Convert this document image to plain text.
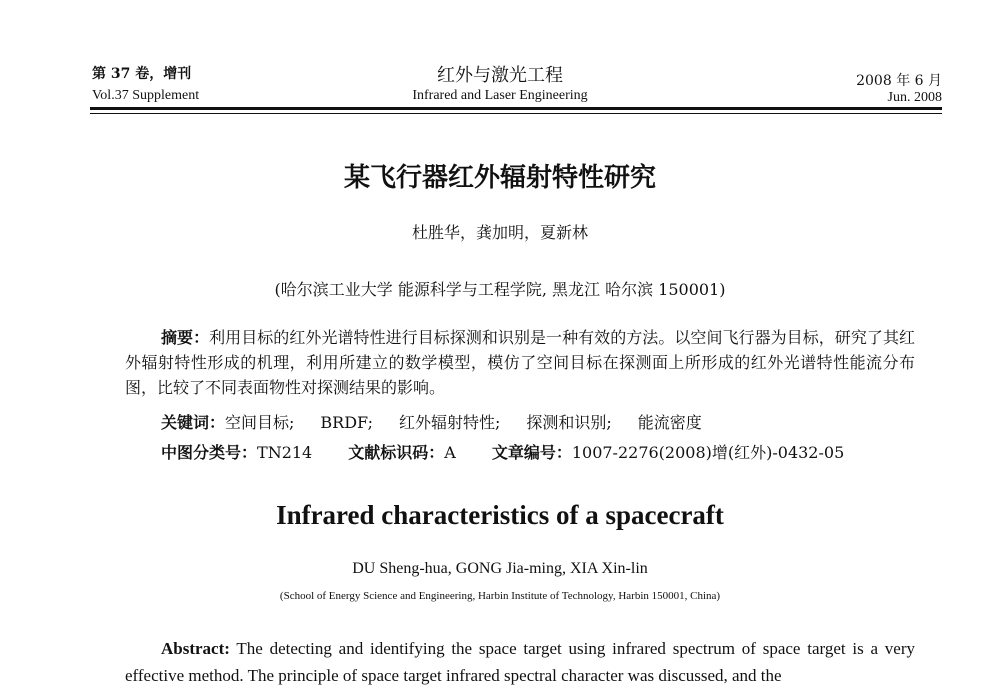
第 37 卷，增刊
Vol.37 Supplement
红外与激光工程
Infrared and Laser Engineering
2008 年 6 月
Jun. 2008
某飞行器红外辐射特性研究
杜胜华，龚加明，夏新林
(哈尔滨工业大学 能源科学与工程学院, 黑龙江 哈尔滨 150001)
摘要：利用目标的红外光谱特性进行目标探测和识别是一种有效的方法。以空间飞行器为目标，研究了其红外辐射特性形成的机理，利用所建立的数学模型，模仿了空间目标在探测面上所形成的红外光谱特性能流分布图，比较了不同表面物性对探测结果的影响。
关键词：空间目标; BRDF; 红外辐射特性; 探测和识别; 能流密度
中图分类号：TN214 文献标识码：A 文章编号：1007-2276(2008)增(红外)-0432-05
Infrared characteristics of a spacecraft
DU Sheng-hua, GONG Jia-ming, XIA Xin-lin
(School of Energy Science and Engineering, Harbin Institute of Technology, Harbin 150001, China)
Abstract: The detecting and identifying the space target using infrared spectrum of space target is a very effective method. The principle of space target infrared spectral character was discussed, and the
